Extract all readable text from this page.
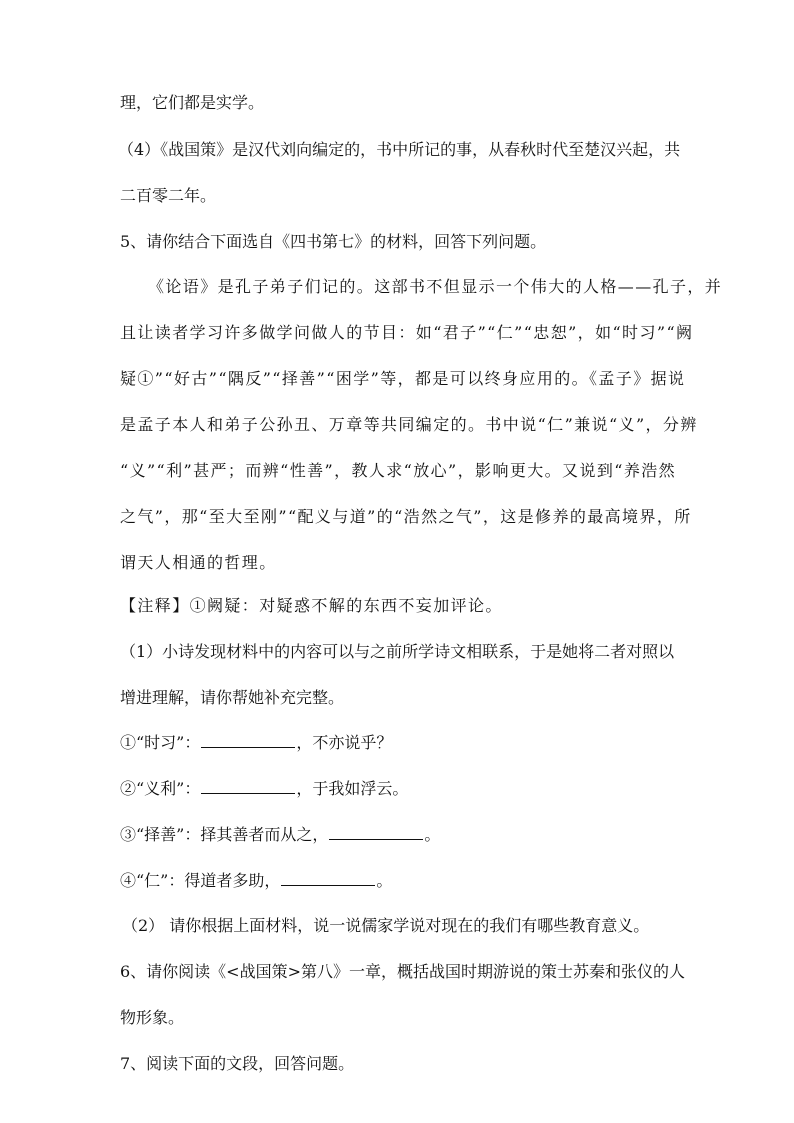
理，它们都是实学。
（4）《战国策》是汉代刘向编定的，书中所记的事，从春秋时代至楚汉兴起，共
二百零二年。
5、请你结合下面选自《四书第七》的材料，回答下列问题。
《论语》是孔子弟子们记的。这部书不但显示一个伟大的人格——孔子，并
且让读者学习许多做学问做人的节目：如“君子”“仁”“忠恕”，如“时习”“阙
疑①”“好古”“隅反”“择善”“困学”等，都是可以终身应用的。《孟子》据说
是孟子本人和弟子公孙丑、万章等共同编定的。书中说“仁”兼说“义”，分辨
“义”“利”甚严；而辨“性善”，教人求“放心”，影响更大。又说到“养浩然
之气”，那“至大至刚”“配义与道”的“浩然之气”，这是修养的最高境界，所
谓天人相通的哲理。
【注释】①阙疑：对疑惑不解的东西不妄加评论。
（1）小诗发现材料中的内容可以与之前所学诗文相联系，于是她将二者对照以
增进理解，请你帮她补充完整。
①“时习”：	，不亦说乎？
②“义利”：	，于我如浮云。
③“择善”：择其善者而从之，	。
④“仁”：得道者多助，	。
（2） 请你根据上面材料，说一说儒家学说对现在的我们有哪些教育意义。
6、请你阅读《<战国策>第八》一章，概括战国时期游说的策士苏秦和张仪的人
物形象。
7、阅读下面的文段，回答问题。
